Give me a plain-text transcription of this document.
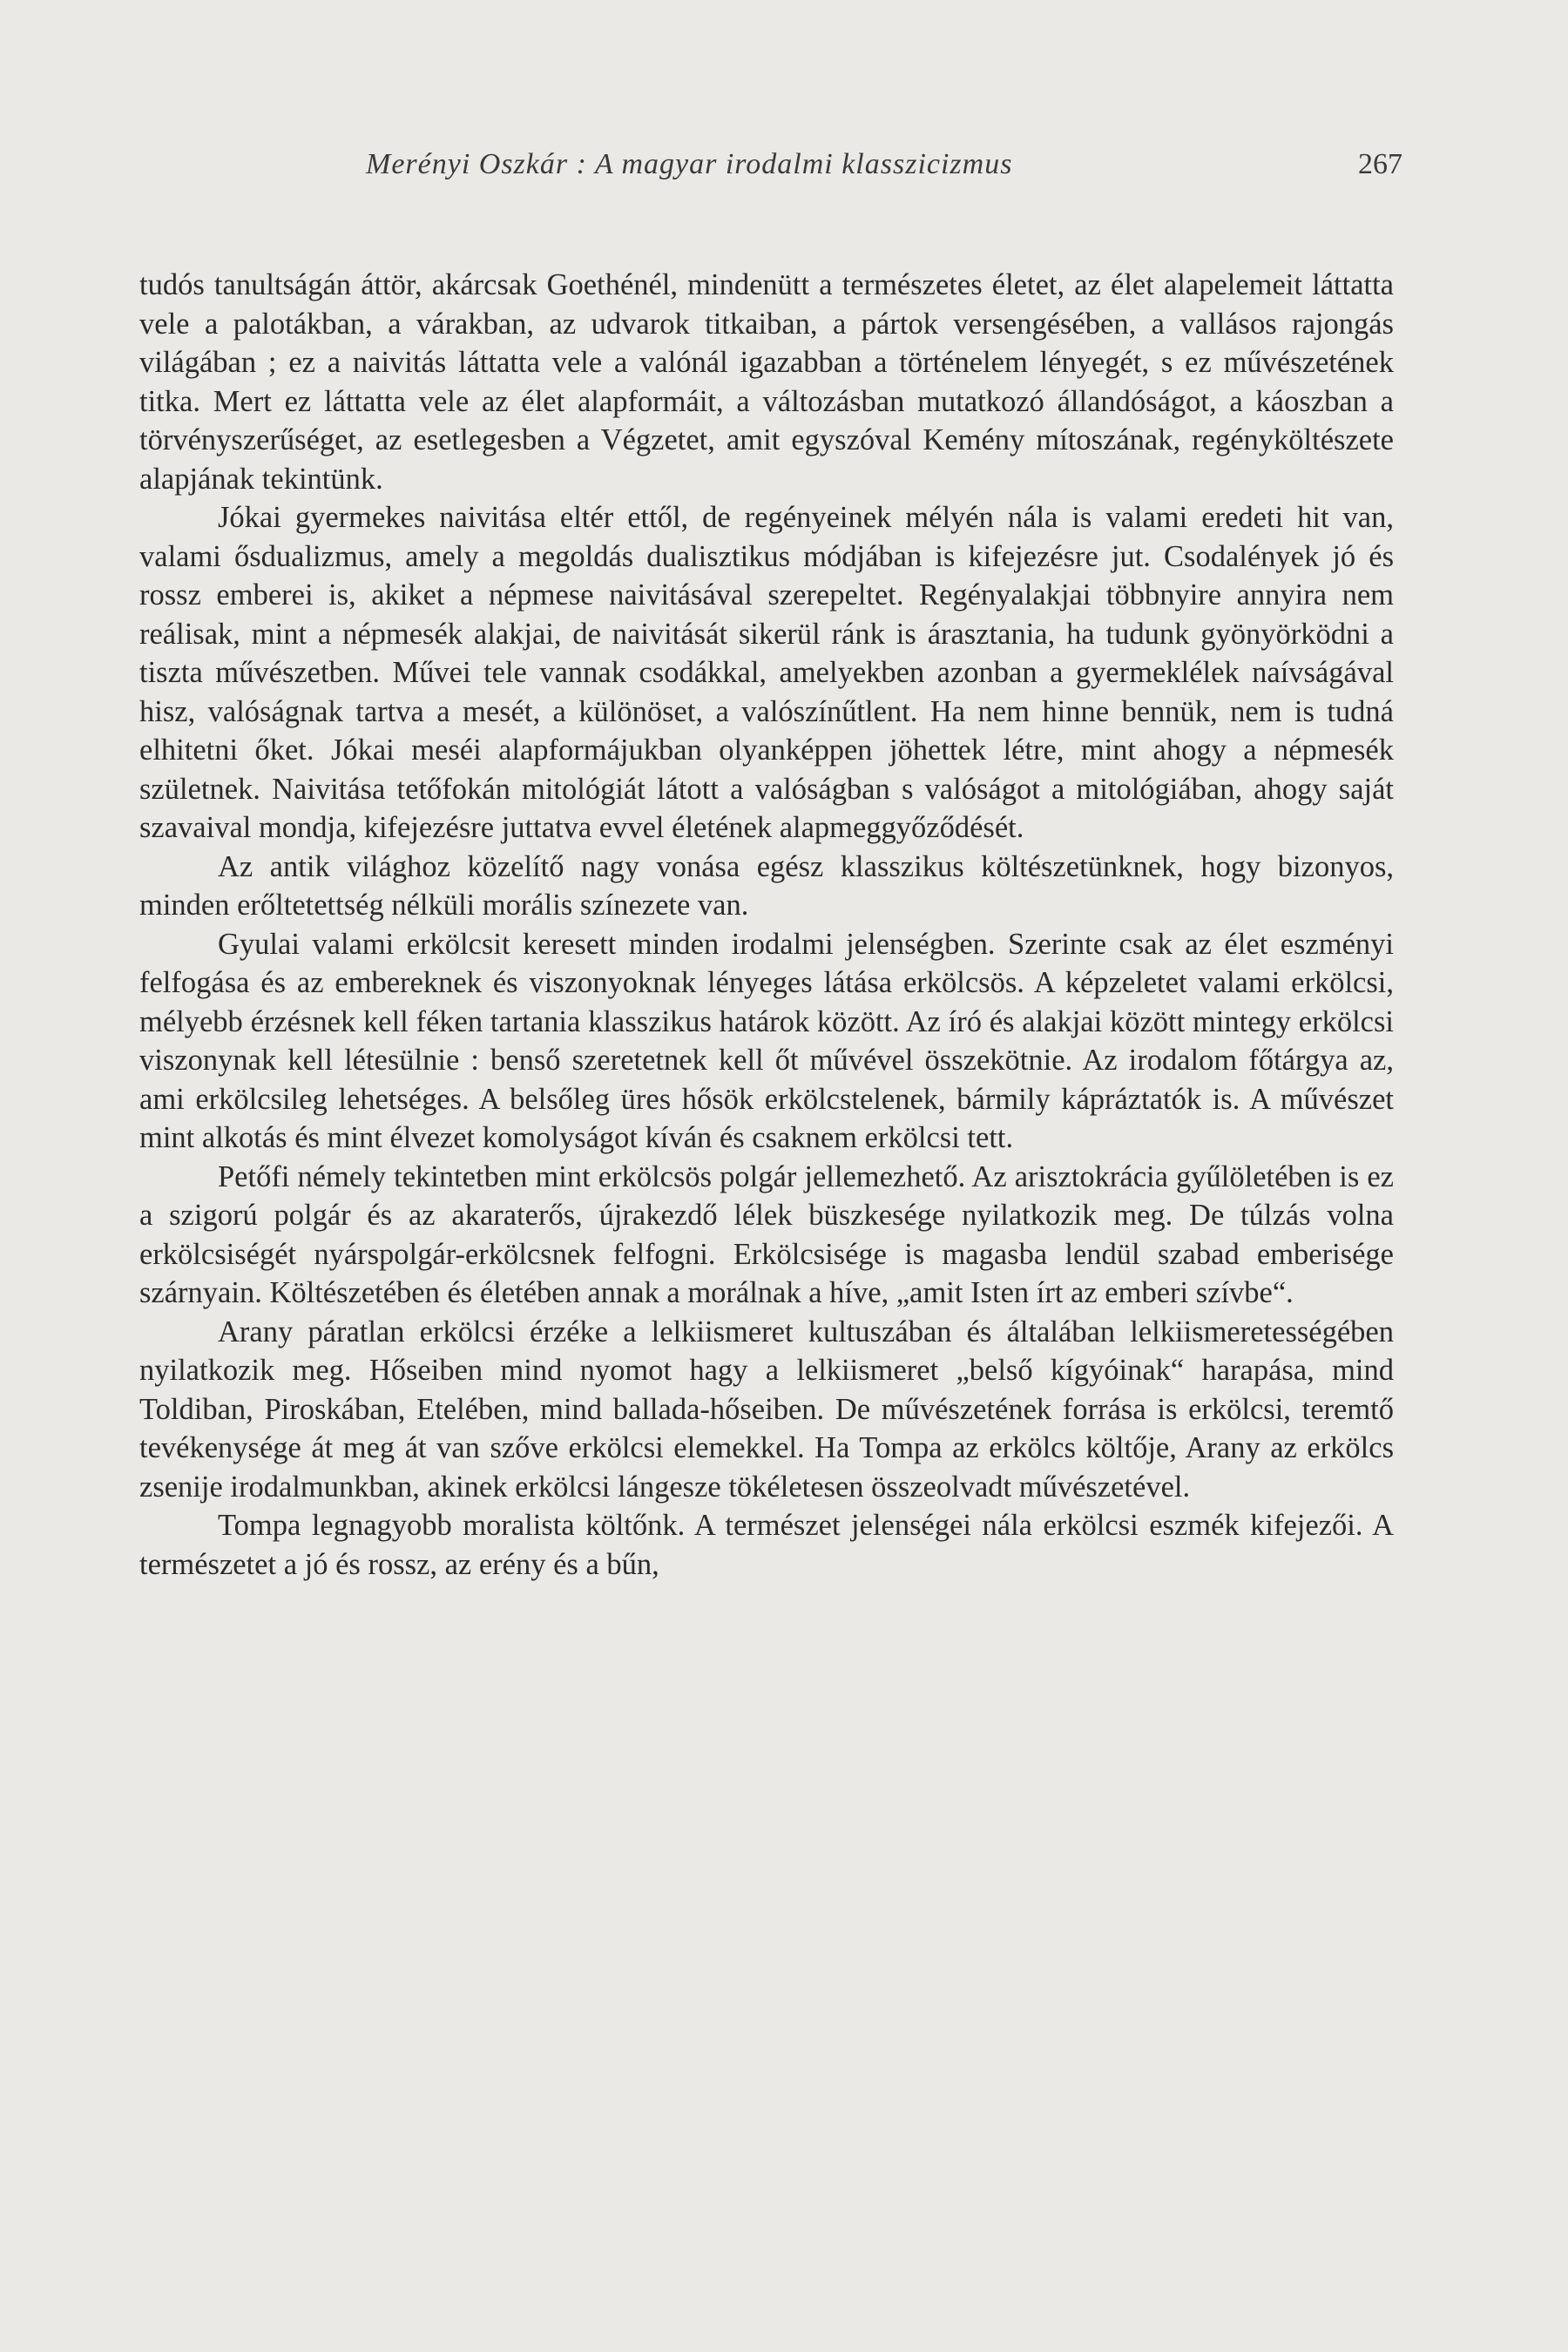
Merényi Oszkár : A magyar irodalmi klasszicizmus	267

tudós tanultságán áttör, akárcsak Goethénél, mindenütt a természetes életet, az élet alapelemeit láttatta vele a palotákban, a várakban, az udvarok titkaiban, a pártok versengésében, a vallásos rajongás világában ; ez a naivitás láttatta vele a valónál igazabban a történelem lényegét, s ez művészetének titka. Mert ez láttatta vele az élet alapformáit, a változásban mutatkozó állandóságot, a káoszban a törvényszerűséget, az esetlegesben a Végzetet, amit egyszóval Kemény mítoszának, regényköltészete alapjának tekintünk.

Jókai gyermekes naivitása eltér ettől, de regényeinek mélyén nála is valami eredeti hit van, valami ősdualizmus, amely a megoldás dualisztikus módjában is kifejezésre jut. Csodalények jó és rossz emberei is, akiket a népmese naivitásával szerepeltet. Regényalakjai többnyire annyira nem reálisak, mint a népmesék alakjai, de naivitását sikerül ránk is árasztania, ha tudunk gyönyörködni a tiszta művészetben. Művei tele vannak csodákkal, amelyekben azonban a gyermeklélek naívságával hisz, valóságnak tartva a mesét, a különöset, a valószínűtlent. Ha nem hinne bennük, nem is tudná elhitetni őket. Jókai meséi alapformájukban olyanképpen jöhettek létre, mint ahogy a népmesék születnek. Naivitása tetőfokán mitológiát látott a valóságban s valóságot a mitológiában, ahogy saját szavaival mondja, kifejezésre juttatva evvel életének alapmeggyőződését.

Az antik világhoz közelítő nagy vonása egész klasszikus költészetünknek, hogy bizonyos, minden erőltetettség nélküli morális színezete van.

Gyulai valami erkölcsit keresett minden irodalmi jelenségben. Szerinte csak az élet eszményi felfogása és az embereknek és viszonyoknak lényeges látása erkölcsös. A képzeletet valami erkölcsi, mélyebb érzésnek kell féken tartania klasszikus határok között. Az író és alakjai között mintegy erkölcsi viszonynak kell létesülnie : benső szeretetnek kell őt művével összekötnie. Az irodalom főtárgya az, ami erkölcsileg lehetséges. A belsőleg üres hősök erkölcstelenek, bármily kápráztatók is. A művészet mint alkotás és mint élvezet komolyságot kíván és csaknem erkölcsi tett.

Petőfi némely tekintetben mint erkölcsös polgár jellemezhető. Az arisztokrácia gyűlöletében is ez a szigorú polgár és az akaraterős, újrakezdő lélek büszkesége nyilatkozik meg. De túlzás volna erkölcsiségét nyárspolgár-erkölcsnek felfogni. Erkölcsisége is magasba lendül szabad emberisége szárnyain. Költészetében és életében annak a morálnak a híve, „amit Isten írt az emberi szívbe“.

Arany páratlan erkölcsi érzéke a lelkiismeret kultuszában és általában lelkiismeretességében nyilatkozik meg. Hőseiben mind nyomot hagy a lelkiismeret „belső kígyóinak“ harapása, mind Toldiban, Piroskában, Etelében, mind ballada-hőseiben. De művészetének forrása is erkölcsi, teremtő tevékenysége át meg át van szőve erkölcsi elemekkel. Ha Tompa az erkölcs költője, Arany az erkölcs zsenije irodalmunkban, akinek erkölcsi lángesze tökéletesen összeolvadt művészetével.

Tompa legnagyobb moralista költőnk. A természet jelenségei nála erkölcsi eszmék kifejezői. A természetet a jó és rossz, az erény és a bűn,
